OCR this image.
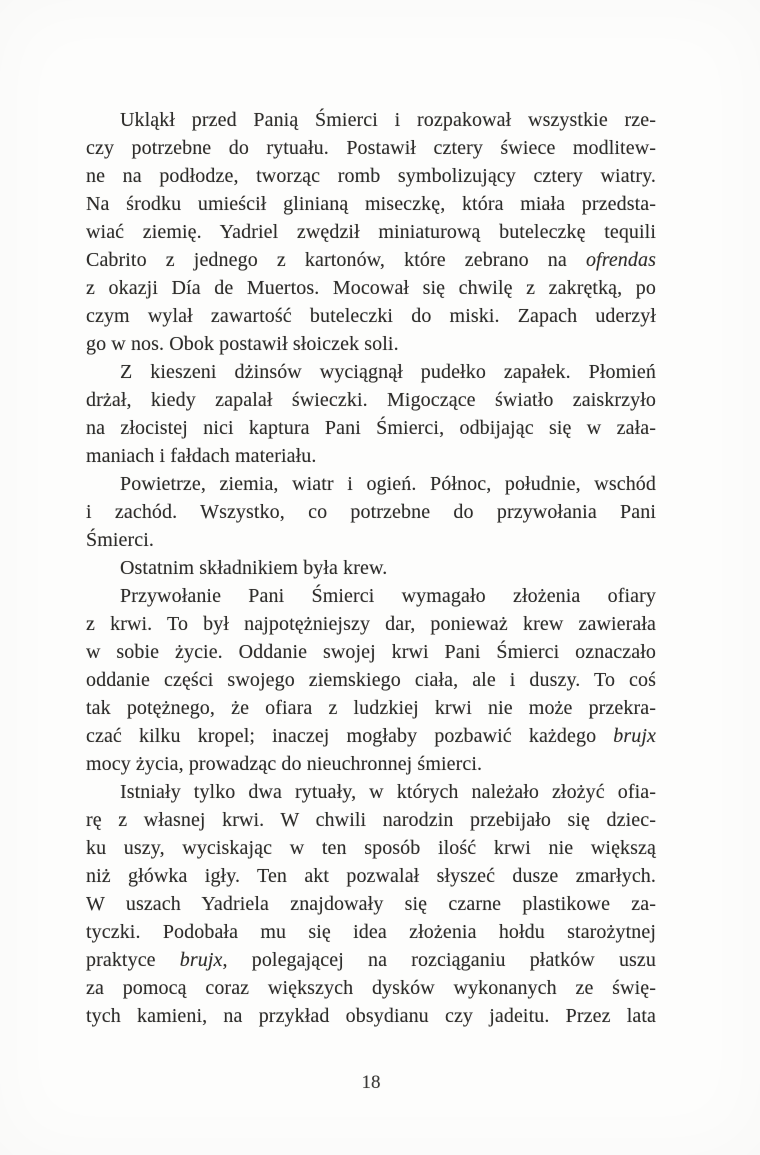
Ukląkł przed Panią Śmierci i rozpakował wszystkie rze-
czy potrzebne do rytuału. Postawił cztery świece modlitew-
ne na podłodze, tworząc romb symbolizujący cztery wiatry.
Na środku umieścił glinianą miseczkę, która miała przedsta-
wiać ziemię. Yadriel zwędził miniaturową buteleczkę tequili
Cabrito z jednego z kartonów, które zebrano na ofrendas
z okazji Día de Muertos. Mocował się chwilę z zakrętką, po
czym wylał zawartość buteleczki do miski. Zapach uderzył
go w nos. Obok postawił słoiczek soli.
Z kieszeni dżinsów wyciągnął pudełko zapałek. Płomień
drżał, kiedy zapalał świeczki. Migoczące światło zaiskrzyło
na złocistej nici kaptura Pani Śmierci, odbijając się w zała-
maniach i fałdach materiału.
Powietrze, ziemia, wiatr i ogień. Północ, południe, wschód
i zachód. Wszystko, co potrzebne do przywołania Pani
Śmierci.
Ostatnim składnikiem była krew.
Przywołanie Pani Śmierci wymagało złożenia ofiary
z krwi. To był najpotężniejszy dar, ponieważ krew zawierała
w sobie życie. Oddanie swojej krwi Pani Śmierci oznaczało
oddanie części swojego ziemskiego ciała, ale i duszy. To coś
tak potężnego, że ofiara z ludzkiej krwi nie może przekra-
czać kilku kropel; inaczej mogłaby pozbawić każdego brujx
mocy życia, prowadząc do nieuchronnej śmierci.
Istniały tylko dwa rytuały, w których należało złożyć ofia-
rę z własnej krwi. W chwili narodzin przebijało się dziec-
ku uszy, wyciskając w ten sposób ilość krwi nie większą
niż główka igły. Ten akt pozwalał słyszeć dusze zmarłych.
W uszach Yadriela znajdowały się czarne plastikowe za-
tyczki. Podobała mu się idea złożenia hołdu starożytnej
praktyce brujx, polegającej na rozciąganiu płatków uszu
za pomocą coraz większych dysków wykonanych ze świę-
tych kamieni, na przykład obsydianu czy jadeitu. Przez lata
18
